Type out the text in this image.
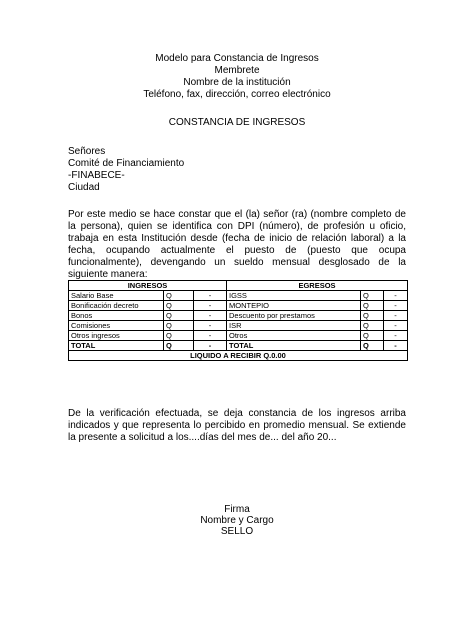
Modelo para Constancia de Ingresos
Membrete
Nombre de la institución
Teléfono, fax, dirección, correo electrónico
CONSTANCIA DE INGRESOS
Señores
Comité de Financiamiento
-FINABECE-
Ciudad
Por este medio se hace constar que el (la) señor (ra) (nombre completo de la persona), quien se identifica con DPI (número), de profesión u oficio, trabaja en esta Institución desde (fecha de inicio de relación laboral) a la fecha, ocupando actualmente el puesto de (puesto que ocupa funcionalmente), devengando un sueldo mensual desglosado de la siguiente manera:
INGRESOS			EGRESOS		
Salario Base	Q	-	IGSS	Q	-
Bonificación decreto	Q	-	MONTEPIO	Q	-
Bonos	Q	-	Descuento por prestamos	Q	-
Comisiones	Q	-	ISR	Q	-
Otros ingresos	Q	-	Otros	Q	-
TOTAL	Q	-	TOTAL	Q	-
LIQUIDO A RECIBIR Q.0.00					
De la verificación efectuada, se deja constancia de los ingresos arriba indicados y que representa lo percibido en promedio mensual. Se extiende la presente a solicitud a los....días del mes de... del año 20...
Firma
Nombre y Cargo
SELLO
